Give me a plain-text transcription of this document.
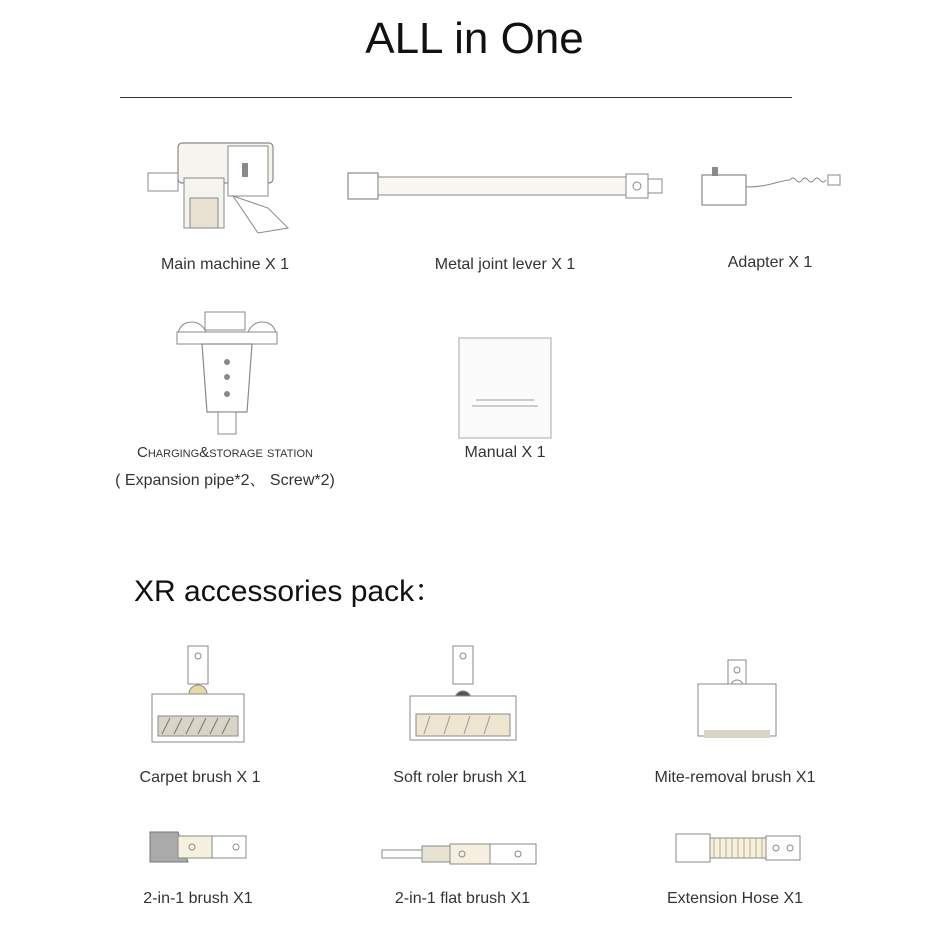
ALL in One
Main machine X 1	Metal joint lever X 1	Adapter X 1
Charging&storage station
( Expansion pipe*2、 Screw*2)
Manual X 1
XR accessories pack：
Carpet brush X 1	Soft roler brush X1	Mite-removal brush X1
2-in-1 brush X1	2-in-1 flat brush X1	Extension Hose X1
